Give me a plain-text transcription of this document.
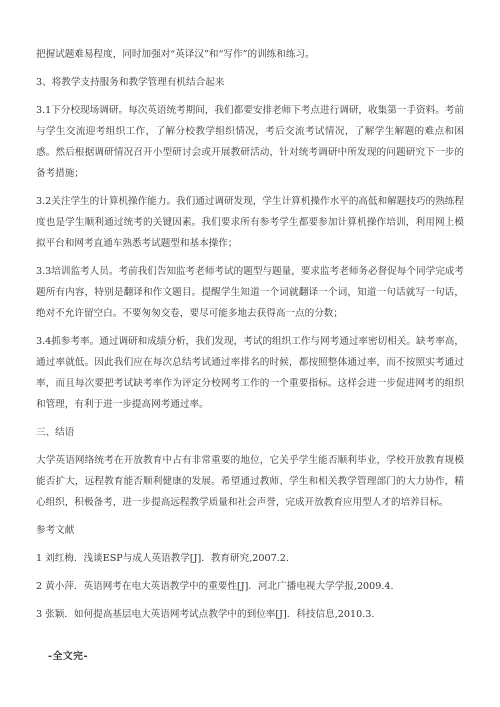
把握试题难易程度，同时加强对“英译汉”和“写作”的训练和练习。

3、将教学支持服务和教学管理有机结合起来

3.1下分校现场调研。每次英语统考期间，我们都要安排老师下考点进行调研，收集第一手资料。考前与学生交流迎考组织工作，了解分校教学组织情况，考后交流考试情况，了解学生解题的难点和困惑。然后根据调研情况召开小型研讨会或开展教研活动，针对统考调研中所发现的问题研究下一步的备考措施；

3.2关注学生的计算机操作能力。我们通过调研发现，学生计算机操作水平的高低和解题技巧的熟练程度也是学生顺利通过统考的关键因素。我们要求所有参考学生都要参加计算机操作培训，利用网上模拟平台和网考直通车熟悉考试题型和基本操作；

3.3培训监考人员。考前我们告知监考老师考试的题型与题量，要求监考老师务必督促每个同学完成考题所有内容，特别是翻译和作文题目。提醒学生知道一个词就翻译一个词，知道一句话就写一句话，绝对不允许留空白。不要匆匆交卷，要尽可能多地去获得高一点的分数；

3.4抓参考率。通过调研和成绩分析，我们发现，考试的组织工作与网考通过率密切相关。缺考率高，通过率就低。因此我们应在每次总结考试通过率排名的时候，都按照整体通过率，而不按照实考通过率，而且每次要把考试缺考率作为评定分校网考工作的一个重要指标。这样会进一步促进网考的组织和管理，有利于进一步提高网考通过率。

三、结语

大学英语网络统考在开放教育中占有非常重要的地位，它关乎学生能否顺利毕业，学校开放教育规模能否扩大，远程教育能否顺利健康的发展。希望通过教师、学生和相关教学管理部门的大力协作，精心组织，积极备考，进一步提高远程教学质量和社会声誉，完成开放教育应用型人才的培养目标。

参考文献

1 刘红梅．浅谈ESP与成人英语教学[J]．教育研究,2007.2.

2 黄小萍．英语网考在电大英语教学中的重要性[J]．河北广播电视大学学报,2009.4.

3 张颖．如何提高基层电大英语网考试点教学中的到位率[J]．科技信息,2010.3.

-全文完-
